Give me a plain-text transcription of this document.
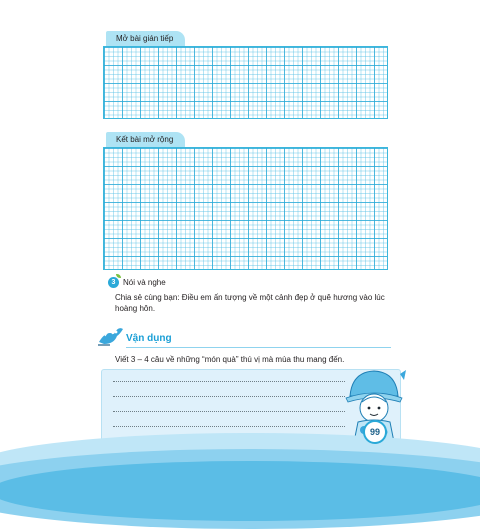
Mở bài gián tiếp
Kết bài mở rộng
3 Nói và nghe
Chia sẻ cùng bạn: Điều em ấn tượng về một cảnh đẹp ở quê hương vào lúc
hoàng hôn.
Vận dụng
Viết 3 – 4 câu về những “món quà” thú vị mà mùa thu mang đến.
99
